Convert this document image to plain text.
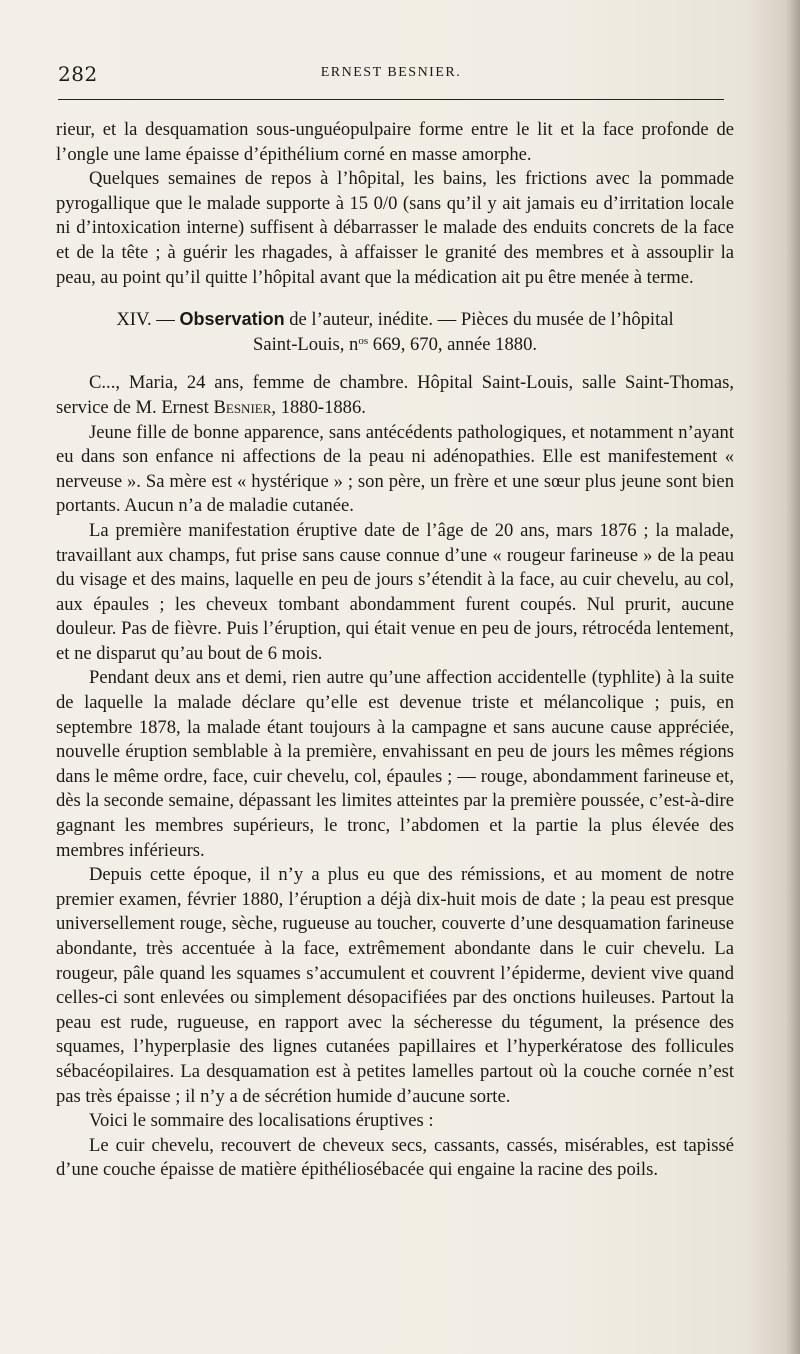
282	ERNEST BESNIER.

rieur, et la desquamation sous-unguéopulpaire forme entre le lit et la face profonde de l’ongle une lame épaisse d’épithélium corné en masse amorphe.

Quelques semaines de repos à l’hôpital, les bains, les frictions avec la pommade pyrogallique que le malade supporte à 15 0/0 (sans qu’il y ait jamais eu d’irritation locale ni d’intoxication interne) suffisent à débarrasser le malade des enduits concrets de la face et de la tête ; à guérir les rhagades, à affaisser le granité des membres et à assouplir la peau, au point qu’il quitte l’hôpital avant que la médication ait pu être menée à terme.

XIV. — Observation de l’auteur, inédite. — Pièces du musée de l’hôpital
Saint-Louis, $n^{os}$ 669, 670, année 1880.

C..., Maria, 24 ans, femme de chambre. Hôpital Saint-Louis, salle Saint-Thomas, service de M. Ernest Besnier, 1880-1886.

Jeune fille de bonne apparence, sans antécédents pathologiques, et notamment n’ayant eu dans son enfance ni affections de la peau ni adénopathies. Elle est manifestement « nerveuse ». Sa mère est « hystérique » ; son père, un frère et une sœur plus jeune sont bien portants. Aucun n’a de maladie cutanée.

La première manifestation éruptive date de l’âge de 20 ans, mars 1876 ; la malade, travaillant aux champs, fut prise sans cause connue d’une « rougeur farineuse » de la peau du visage et des mains, laquelle en peu de jours s’étendit à la face, au cuir chevelu, au col, aux épaules ; les cheveux tombant abondamment furent coupés. Nul prurit, aucune douleur. Pas de fièvre. Puis l’éruption, qui était venue en peu de jours, rétrocéda lentement, et ne disparut qu’au bout de 6 mois.

Pendant deux ans et demi, rien autre qu’une affection accidentelle (typhlite) à la suite de laquelle la malade déclare qu’elle est devenue triste et mélancolique ; puis, en septembre 1878, la malade étant toujours à la campagne et sans aucune cause appréciée, nouvelle éruption semblable à la première, envahissant en peu de jours les mêmes régions dans le même ordre, face, cuir chevelu, col, épaules ; — rouge, abondamment farineuse et, dès la seconde semaine, dépassant les limites atteintes par la première poussée, c’est-à-dire gagnant les membres supérieurs, le tronc, l’abdomen et la partie la plus élevée des membres inférieurs.

Depuis cette époque, il n’y a plus eu que des rémissions, et au moment de notre premier examen, février 1880, l’éruption a déjà dix-huit mois de date ; la peau est presque universellement rouge, sèche, rugueuse au toucher, couverte d’une desquamation farineuse abondante, très accentuée à la face, extrêmement abondante dans le cuir chevelu. La rougeur, pâle quand les squames s’accumulent et couvrent l’épiderme, devient vive quand celles-ci sont enlevées ou simplement désopacifiées par des onctions huileuses. Partout la peau est rude, rugueuse, en rapport avec la sécheresse du tégument, la présence des squames, l’hyperplasie des lignes cutanées papillaires et l’hyperkératose des follicules sébacéopilaires. La desquamation est à petites lamelles partout où la couche cornée n’est pas très épaisse ; il n’y a de sécrétion humide d’aucune sorte.

Voici le sommaire des localisations éruptives :

Le cuir chevelu, recouvert de cheveux secs, cassants, cassés, misérables, est tapissé d’une couche épaisse de matière épithéliosébacée qui engaine la racine des poils.
